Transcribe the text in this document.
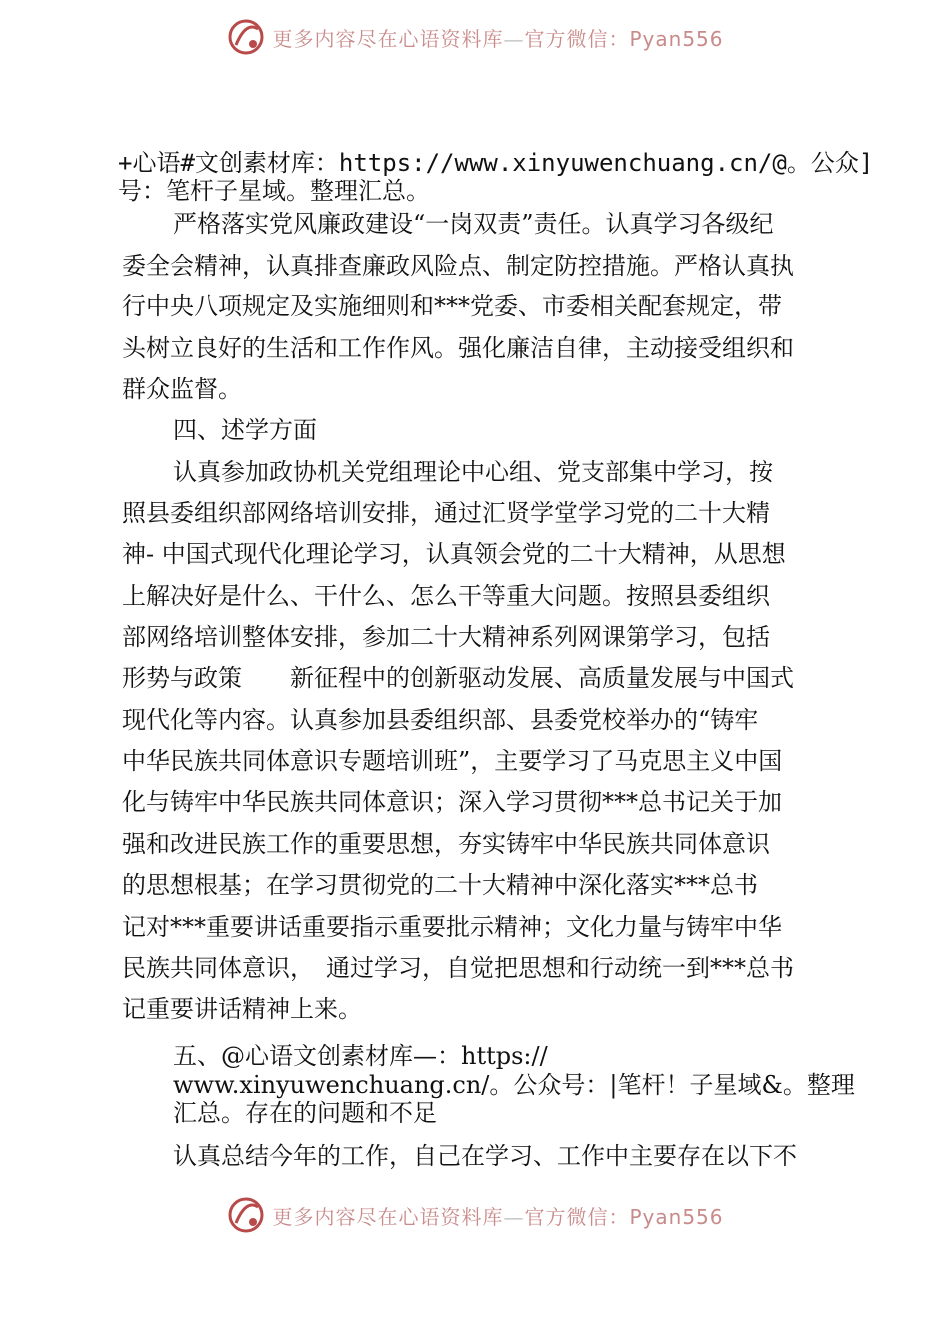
更多内容尽在心语资料库—官方微信：Pyan556
+心语#文创素材库：https://www.xinyuwenchuang.cn/@。公众]
号：笔杆子星域。整理汇总。
严格落实党风廉政建设“一岗双责”责任。认真学习各级纪
委全会精神，认真排查廉政风险点、制定防控措施。严格认真执
行中央八项规定及实施细则和***党委、市委相关配套规定，带
头树立良好的生活和工作作风。强化廉洁自律，主动接受组织和
群众监督。
四、述学方面
认真参加政协机关党组理论中心组、党支部集中学习，按
照县委组织部网络培训安排，通过汇贤学堂学习党的二十大精
神- 中国式现代化理论学习，认真领会党的二十大精神，从思想
上解决好是什么、干什么、怎么干等重大问题。按照县委组织
部网络培训整体安排，参加二十大精神系列网课第学习，包括
形势与政策　　新征程中的创新驱动发展、高质量发展与中国式
现代化等内容。认真参加县委组织部、县委党校举办的“铸牢
中华民族共同体意识专题培训班”，主要学习了马克思主义中国
化与铸牢中华民族共同体意识；深入学习贯彻***总书记关于加
强和改进民族工作的重要思想，夯实铸牢中华民族共同体意识
的思想根基；在学习贯彻党的二十大精神中深化落实***总书
记对***重要讲话重要指示重要批示精神；文化力量与铸牢中华
民族共同体意识，　通过学习，自觉把思想和行动统一到***总书
记重要讲话精神上来。
五、@心语文创素材库—：https://
www.xinyuwenchuang.cn/。公众号：|笔杆！子星域&。整理
汇总。存在的问题和不足
认真总结今年的工作，自己在学习、工作中主要存在以下不
更多内容尽在心语资料库—官方微信：Pyan556
